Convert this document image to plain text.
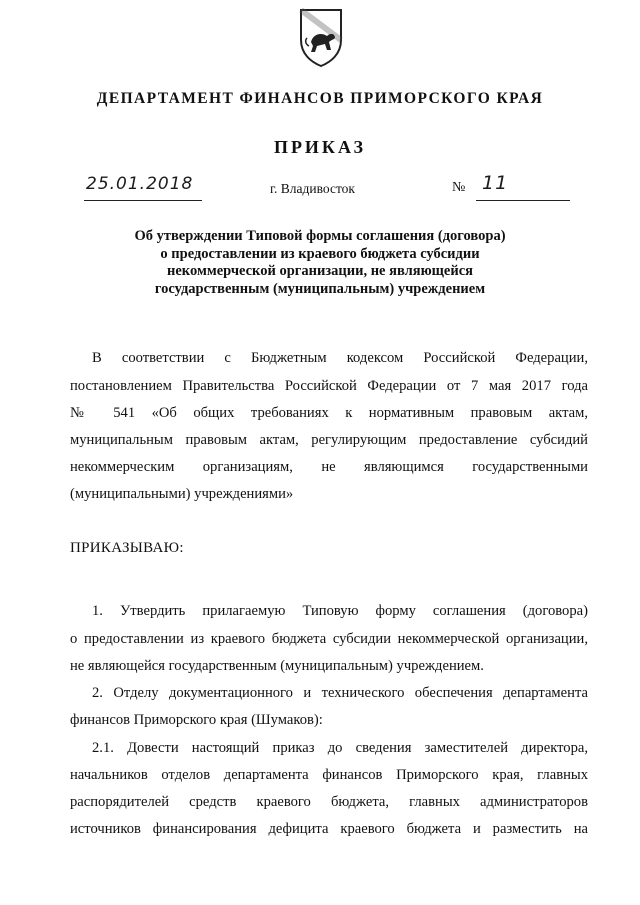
ДЕПАРТАМЕНТ ФИНАНСОВ ПРИМОРСКОГО КРАЯ
ПРИКАЗ
25.01.2018	г. Владивосток	№ 11
Об утверждении Типовой формы соглашения (договора)
о предоставлении из краевого бюджета субсидии
некоммерческой организации, не являющейся
государственным (муниципальным) учреждением
В соответствии с Бюджетным кодексом Российской Федерации,
постановлением Правительства Российской Федерации от 7 мая 2017 года
№ 541 «Об общих требованиях к нормативным правовым актам,
муниципальным правовым актам, регулирующим предоставление субсидий
некоммерческим организациям, не являющимся государственными
(муниципальными) учреждениями»
ПРИКАЗЫВАЮ:
1. Утвердить прилагаемую Типовую форму соглашения (договора)
о предоставлении из краевого бюджета субсидии некоммерческой организации,
не являющейся государственным (муниципальным) учреждением.
2. Отделу документационного и технического обеспечения департамента
финансов Приморского края (Шумаков):
2.1. Довести настоящий приказ до сведения заместителей директора,
начальников отделов департамента финансов Приморского края, главных
распорядителей средств краевого бюджета, главных администраторов
источников финансирования дефицита краевого бюджета и разместить на
